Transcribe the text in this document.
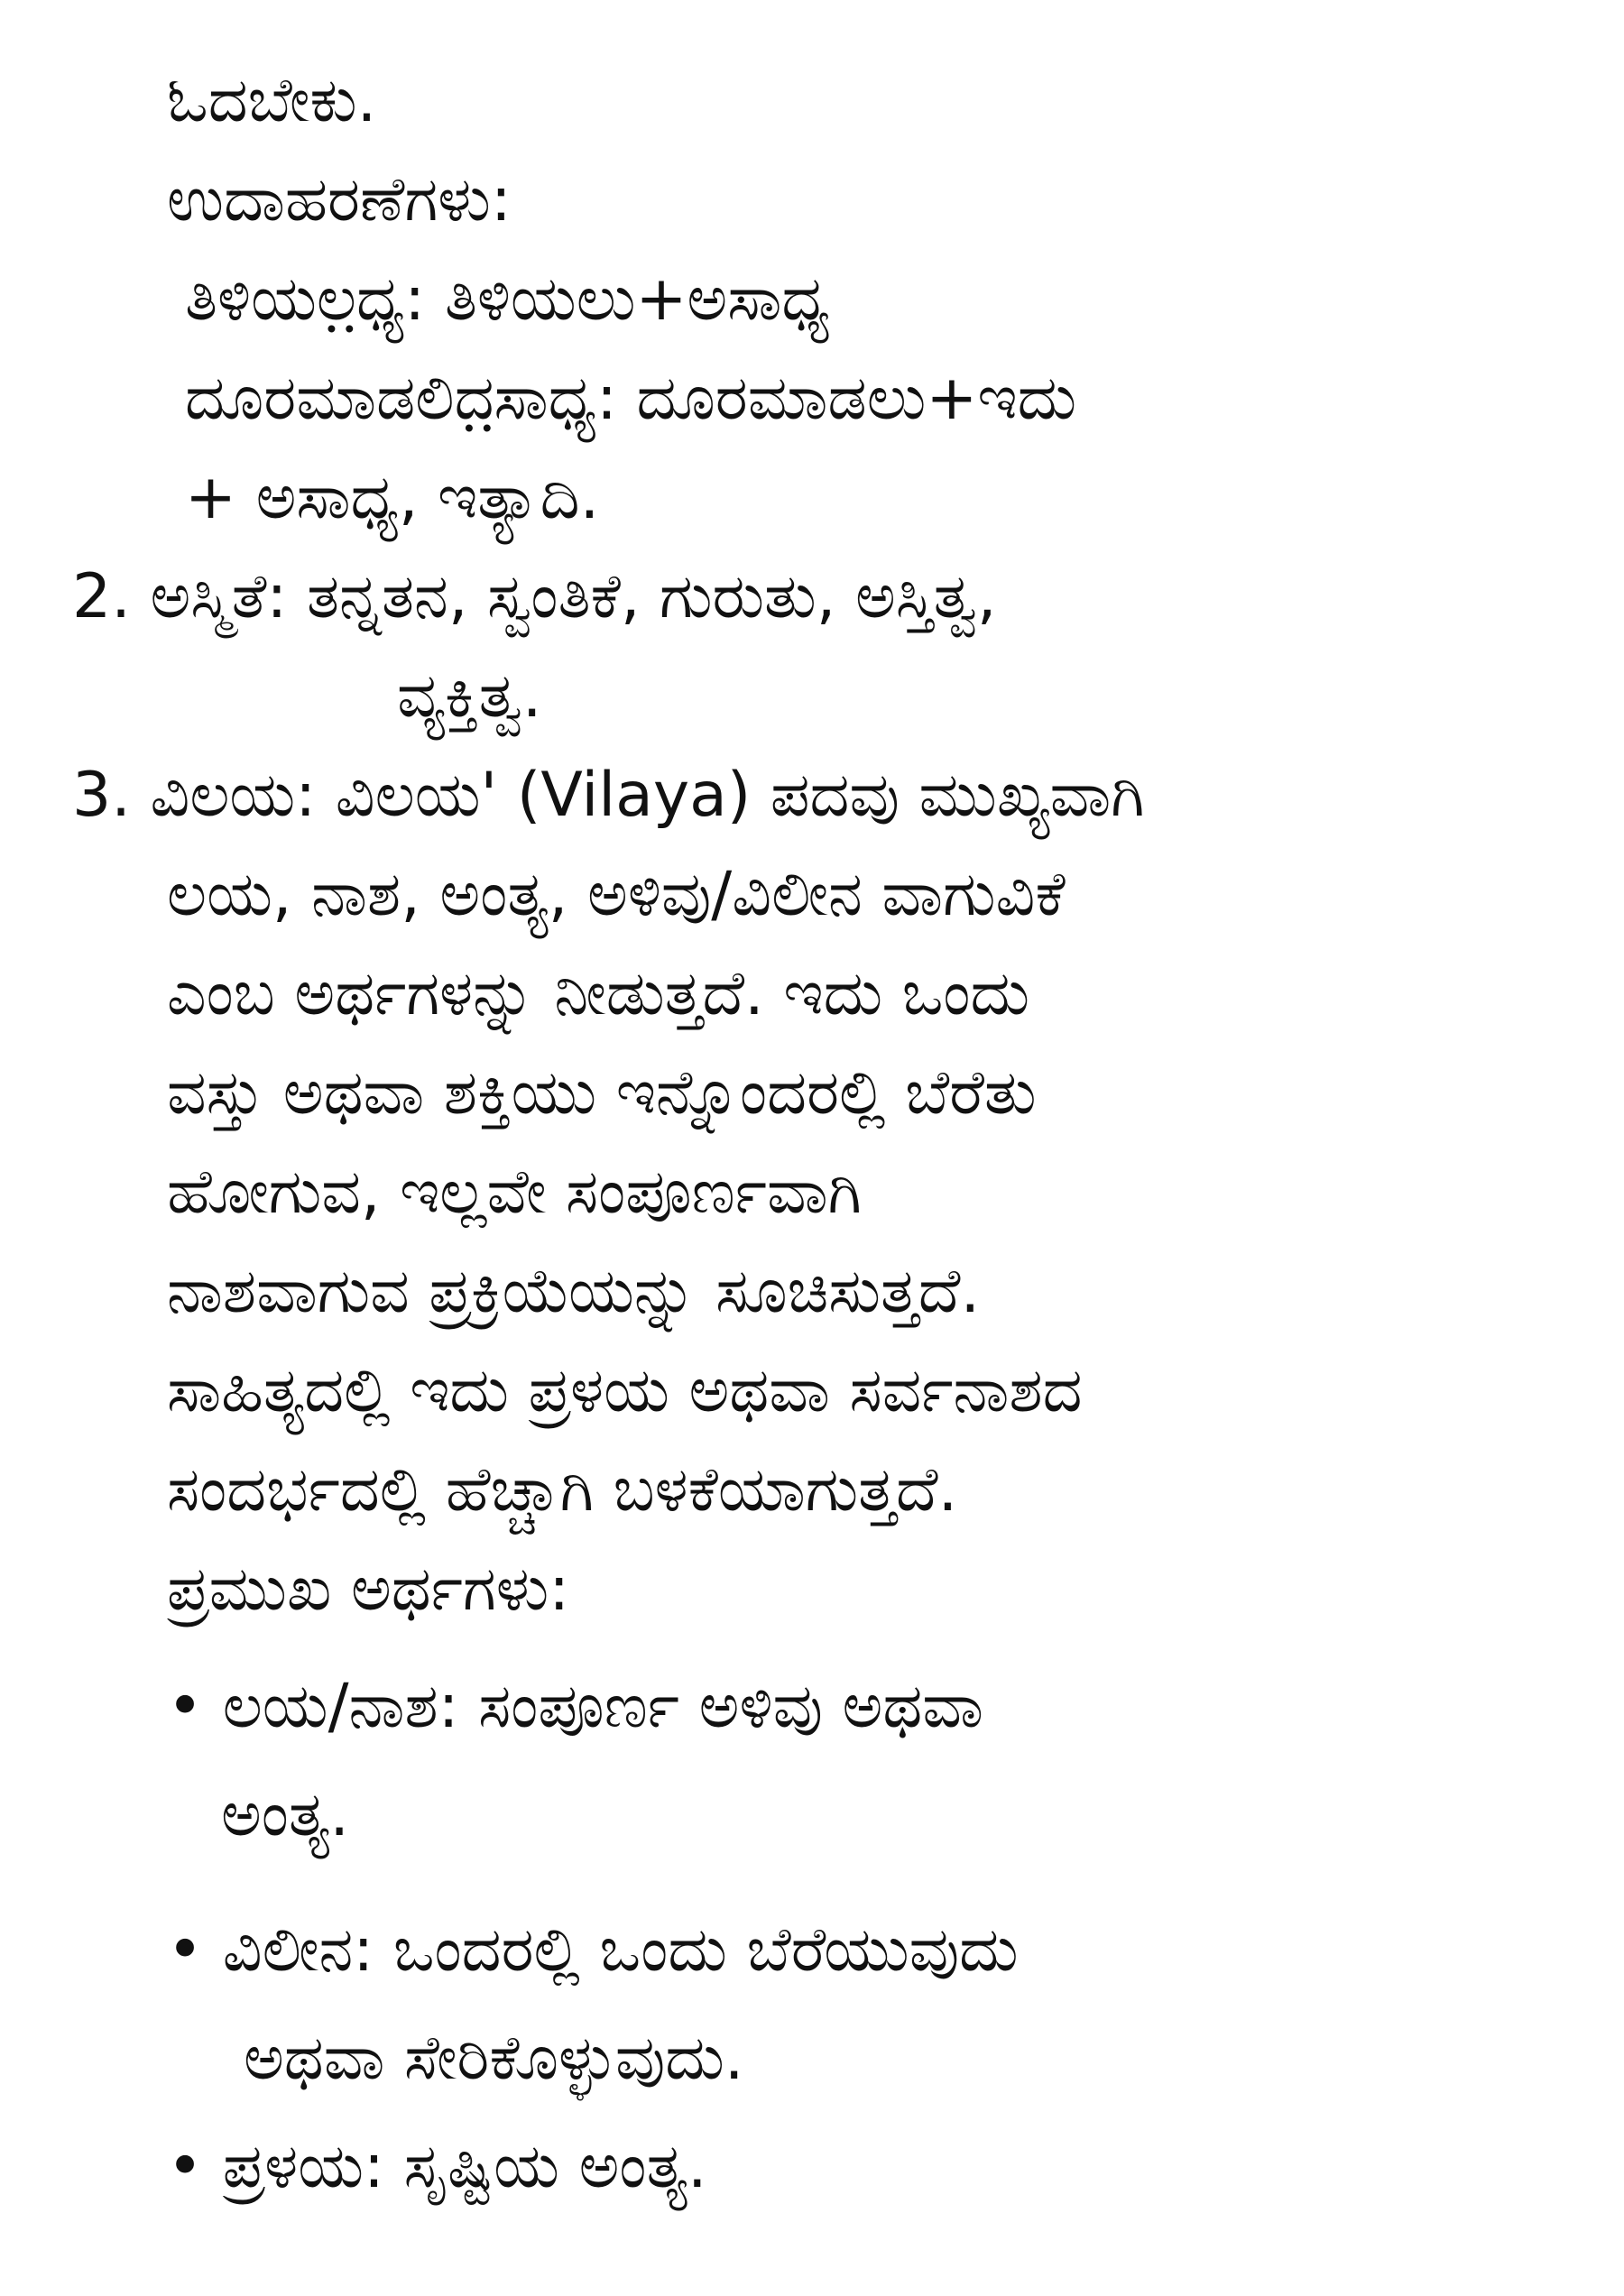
ಓದಬೇಕು.
ಉದಾಹರಣೆಗಳು:
ತಿಳಿಯಲ಼ಧ್ಯ: ತಿಳಿಯಲು+ಅಸಾಧ್ಯ
ದೂರಮಾಡಲಿದ಼ಸಾಧ್ಯ: ದೂರಮಾಡಲು+ಇದು
+ ಅಸಾಧ್ಯ, ಇತ್ಯಾದಿ.
2. ಅಸ್ಮಿತೆ: ತನ್ನತನ, ಸ್ವಂತಿಕೆ, ಗುರುತು, ಅಸ್ತಿತ್ವ,
ವ್ಯಕ್ತಿತ್ವ.
3. ವಿಲಯ: ವಿಲಯ' (Vilaya) ಪದವು ಮುಖ್ಯವಾಗಿ
ಲಯ, ನಾಶ, ಅಂತ್ಯ, ಅಳಿವು/ವಿಲೀನ ವಾಗುವಿಕೆ
ಎಂಬ ಅರ್ಥಗಳನ್ನು ನೀಡುತ್ತದೆ. ಇದು ಒಂದು
ವಸ್ತು ಅಥವಾ ಶಕ್ತಿಯು ಇನ್ನೊಂದರಲ್ಲಿ ಬೆರೆತು
ಹೋಗುವ, ಇಲ್ಲವೇ ಸಂಪೂರ್ಣವಾಗಿ
ನಾಶವಾಗುವ ಪ್ರಕ್ರಿಯೆಯನ್ನು ಸೂಚಿಸುತ್ತದೆ.
ಸಾಹಿತ್ಯದಲ್ಲಿ ಇದು ಪ್ರಳಯ ಅಥವಾ ಸರ್ವನಾಶದ
ಸಂದರ್ಭದಲ್ಲಿ ಹೆಚ್ಚಾಗಿ ಬಳಕೆಯಾಗುತ್ತದೆ.
ಪ್ರಮುಖ ಅರ್ಥಗಳು:
• ಲಯ/ನಾಶ: ಸಂಪೂರ್ಣ ಅಳಿವು ಅಥವಾ
ಅಂತ್ಯ.
• ವಿಲೀನ: ಒಂದರಲ್ಲಿ ಒಂದು ಬೆರೆಯುವುದು
ಅಥವಾ ಸೇರಿಕೊಳ್ಳುವುದು.
• ಪ್ರಳಯ: ಸೃಷ್ಟಿಯ ಅಂತ್ಯ.
